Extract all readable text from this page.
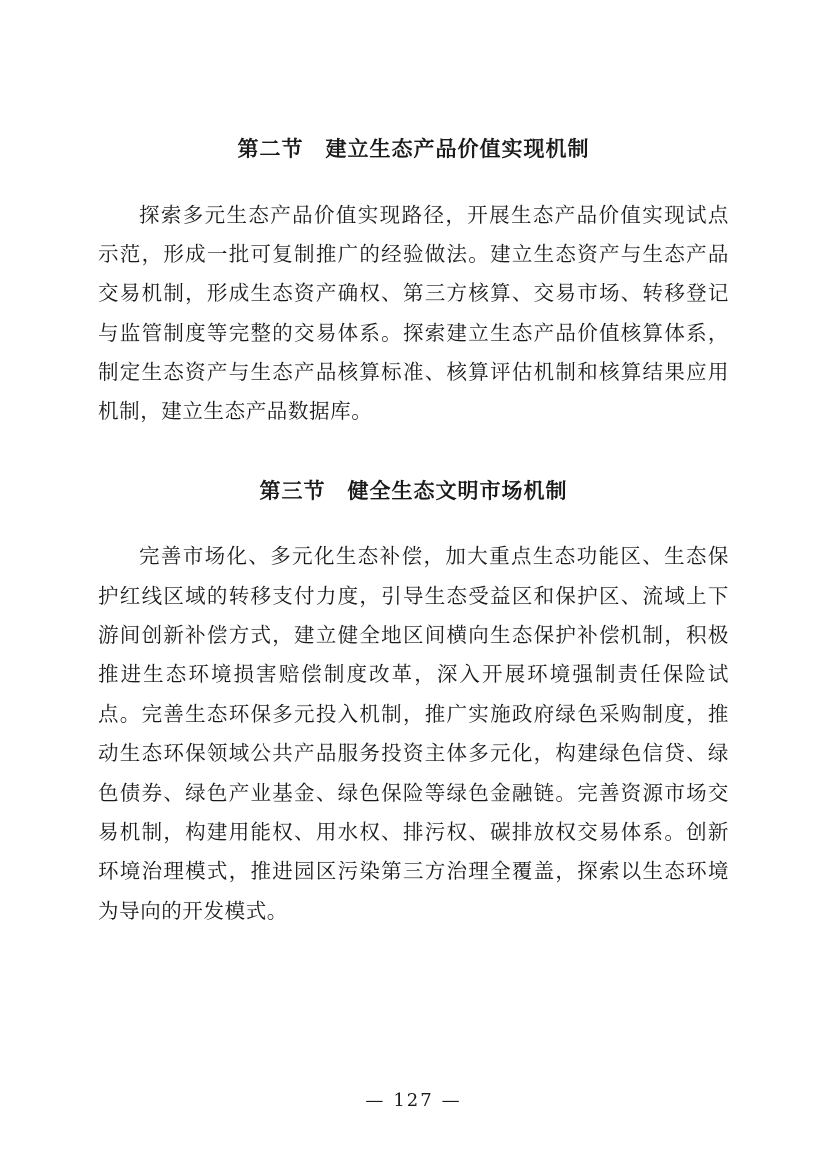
第二节　建立生态产品价值实现机制

探索多元生态产品价值实现路径，开展生态产品价值实现试点示范，形成一批可复制推广的经验做法。建立生态资产与生态产品交易机制，形成生态资产确权、第三方核算、交易市场、转移登记与监管制度等完整的交易体系。探索建立生态产品价值核算体系，制定生态资产与生态产品核算标准、核算评估机制和核算结果应用机制，建立生态产品数据库。

第三节　健全生态文明市场机制

完善市场化、多元化生态补偿，加大重点生态功能区、生态保护红线区域的转移支付力度，引导生态受益区和保护区、流域上下游间创新补偿方式，建立健全地区间横向生态保护补偿机制，积极推进生态环境损害赔偿制度改革，深入开展环境强制责任保险试点。完善生态环保多元投入机制，推广实施政府绿色采购制度，推动生态环保领域公共产品服务投资主体多元化，构建绿色信贷、绿色债券、绿色产业基金、绿色保险等绿色金融链。完善资源市场交易机制，构建用能权、用水权、排污权、碳排放权交易体系。创新环境治理模式，推进园区污染第三方治理全覆盖，探索以生态环境为导向的开发模式。

— 127 —
